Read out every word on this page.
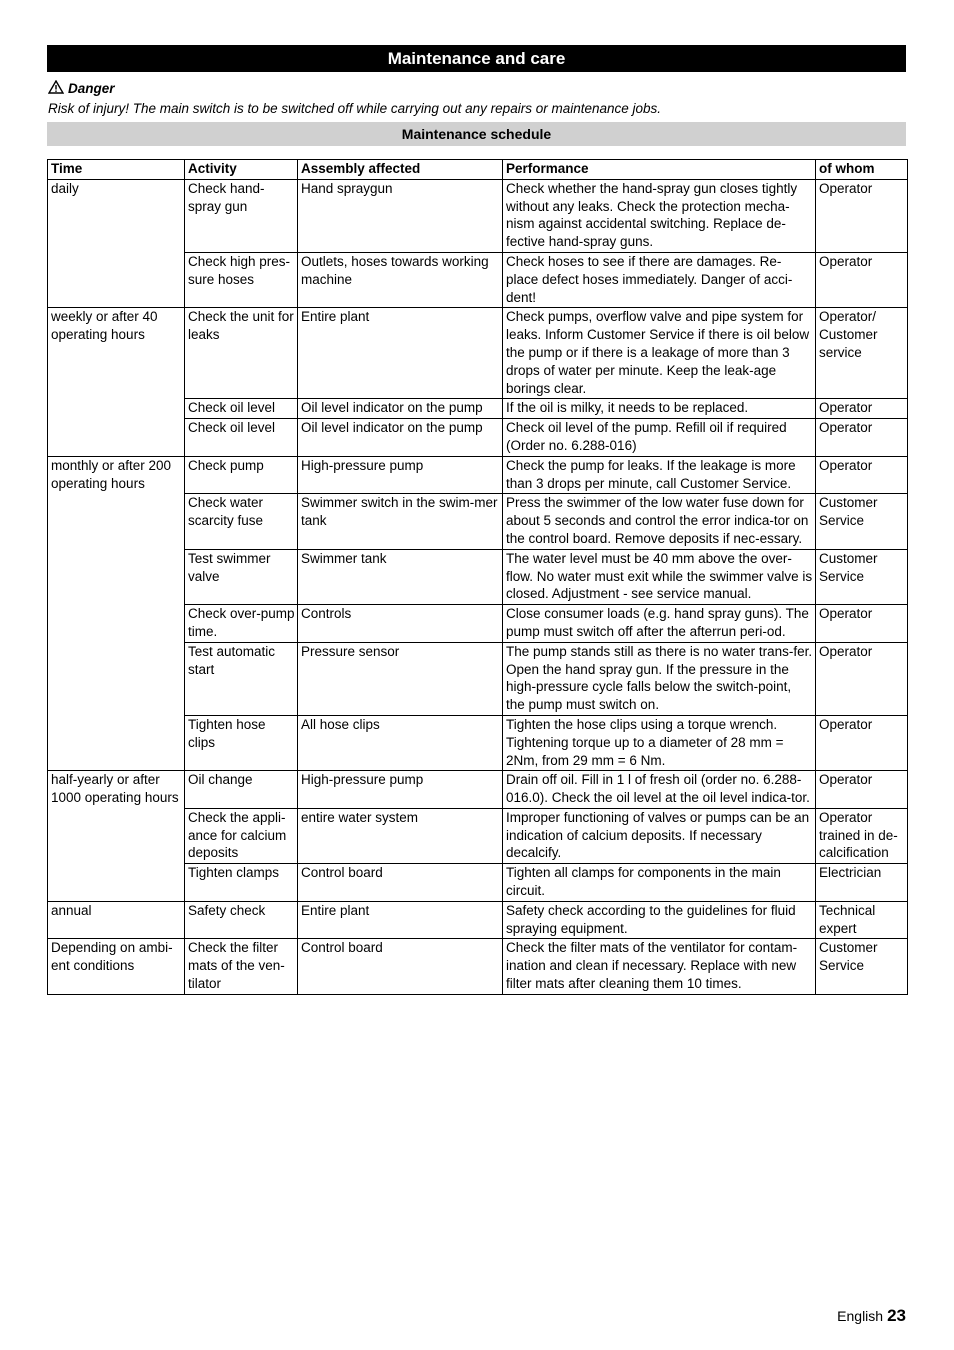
Maintenance and care
Danger
Risk of injury! The main switch is to be switched off while carrying out any repairs or maintenance jobs.
Maintenance schedule
Time	Activity	Assembly affected	Performance	of whom
daily	Check hand-spray gun	Hand spraygun	Check whether the hand-spray gun closes tightly without any leaks. Check the protection mecha-nism against accidental switching. Replace de-fective hand-spray guns.	Operator
	Check high pres-sure hoses	Outlets, hoses towards working machine	Check hoses to see if there are damages. Re-place defect hoses immediately. Danger of acci-dent!	Operator
weekly or after 40 operating hours	Check the unit for leaks	Entire plant	Check pumps, overflow valve and pipe system for leaks. Inform Customer Service if there is oil below the pump or if there is a leakage of more than 3 drops of water per minute. Keep the leak-age borings clear.	Operator/ Customer service
	Check oil level	Oil level indicator on the pump	If the oil is milky, it needs to be replaced.	Operator
	Check oil level	Oil level indicator on the pump	Check oil level of the pump. Refill oil if required (Order no. 6.288-016)	Operator
monthly or after 200 operating hours	Check pump	High-pressure pump	Check the pump for leaks. If the leakage is more than 3 drops per minute, call Customer Service.	Operator
	Check water scarcity fuse	Swimmer switch in the swim-mer tank	Press the swimmer of the low water fuse down for about 5 seconds and control the error indica-tor on the control board. Remove deposits if nec-essary.	Customer Service
	Test swimmer valve	Swimmer tank	The water level must be 40 mm above the over-flow. No water must exit while the swimmer valve is closed. Adjustment - see service manual.	Customer Service
	Check over-pump time.	Controls	Close consumer loads (e.g. hand spray guns). The pump must switch off after the afterrun peri-od.	Operator
	Test automatic start	Pressure sensor	The pump stands still as there is no water trans-fer. Open the hand spray gun. If the pressure in the high-pressure cycle falls below the switch-point, the pump must switch on.	Operator
	Tighten hose clips	All hose clips	Tighten the hose clips using a torque wrench. Tightening torque up to a diameter of 28 mm = 2Nm, from 29 mm = 6 Nm.	Operator
half-yearly or after 1000 operating hours	Oil change	High-pressure pump	Drain off oil. Fill in 1 l of fresh oil (order no. 6.288-016.0). Check the oil level at the oil level indica-tor.	Operator
	Check the appli-ance for calcium deposits	entire water system	Improper functioning of valves or pumps can be an indication of calcium deposits. If necessary decalcify.	Operator trained in de-calcification
	Tighten clamps	Control board	Tighten all clamps for components in the main circuit.	Electrician
annual	Safety check	Entire plant	Safety check according to the guidelines for fluid spraying equipment.	Technical expert
Depending on ambi-ent conditions	Check the filter mats of the ven-tilator	Control board	Check the filter mats of the ventilator for contam-ination and clean if necessary. Replace with new filter mats after cleaning them 10 times.	Customer Service
English 23
